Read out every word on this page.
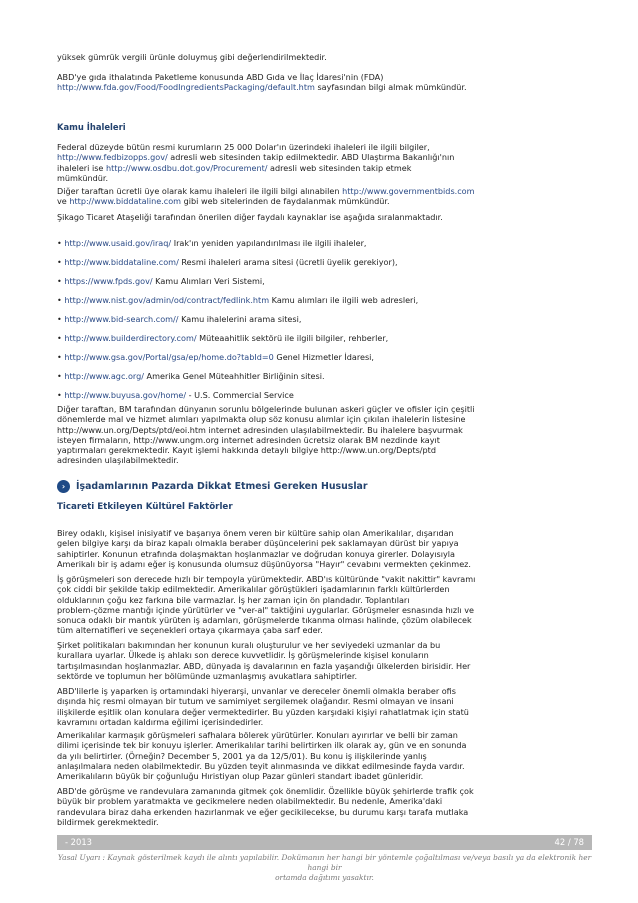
yüksek gümrük vergili ürünle doluymuş gibi değerlendirilmektedir.

ABD'ye gıda ithalatında Paketleme konusunda ABD Gıda ve İlaç İdaresi'nin (FDA)
http://www.fda.gov/Food/FoodIngredientsPackaging/default.htm sayfasından bilgi almak mümkündür.

Kamu İhaleleri

Federal düzeyde bütün resmi kurumların 25 000 Dolar'ın üzerindeki ihaleleri ile ilgili bilgiler,
http://www.fedbizopps.gov/ adresli web sitesinden takip edilmektedir. ABD Ulaştırma Bakanlığı'nın
ihaleleri ise http://www.osdbu.dot.gov/Procurement/ adresli web sitesinden takip etmek
mümkündür.

Diğer taraftan ücretli üye olarak kamu ihaleleri ile ilgili bilgi alınabilen http://www.governmentbids.com
ve http://www.biddataline.com gibi web sitelerinden de faydalanmak mümkündür.

Şikago Ticaret Ataşeliği tarafından önerilen diğer faydalı kaynaklar ise aşağıda sıralanmaktadır.

• http://www.usaid.gov/iraq/ Irak'ın yeniden yapılandırılması ile ilgili ihaleler,

• http://www.biddataline.com/ Resmi ihaleleri arama sitesi (ücretli üyelik gerekiyor),

• https://www.fpds.gov/ Kamu Alımları Veri Sistemi,

• http://www.nist.gov/admin/od/contract/fedlink.htm Kamu alımları ile ilgili web adresleri,

• http://www.bid-search.com// Kamu ihalelerini arama sitesi,

• http://www.builderdirectory.com/ Müteaahitlik sektörü ile ilgili bilgiler, rehberler,

• http://www.gsa.gov/Portal/gsa/ep/home.do?tabId=0 Genel Hizmetler İdaresi,

• http://www.agc.org/ Amerika Genel Müteahhitler Birliğinin sitesi.

• http://www.buyusa.gov/home/ - U.S. Commercial Service

Diğer taraftan, BM tarafından dünyanın sorunlu bölgelerinde bulunan askeri güçler ve ofisler için çeşitli
dönemlerde mal ve hizmet alımları yapılmakta olup söz konusu alımlar için çıkılan ihalelerin listesine
http://www.un.org/Depts/ptd/eoi.htm internet adresinden ulaşılabilmektedir. Bu ihalelere başvurmak
isteyen firmaların, http://www.ungm.org internet adresinden ücretsiz olarak BM nezdinde kayıt
yaptırmaları gerekmektedir. Kayıt işlemi hakkında detaylı bilgiye http://www.un.org/Depts/ptd
adresinden ulaşılabilmektedir.

›	İşadamlarının Pazarda Dikkat Etmesi Gereken Hususlar

Ticareti Etkileyen Kültürel Faktörler

Birey odaklı, kişisel inisiyatif ve başarıya önem veren bir kültüre sahip olan Amerikalılar, dışarıdan
gelen bilgiye karşı da biraz kapalı olmakla beraber düşüncelerini pek saklamayan dürüst bir yapıya
sahiptirler. Konunun etrafında dolaşmaktan hoşlanmazlar ve doğrudan konuya girerler. Dolayısıyla
Amerikalı bir iş adamı eğer iş konusunda olumsuz düşünüyorsa "Hayır" cevabını vermekten çekinmez.

İş görüşmeleri son derecede hızlı bir tempoyla yürümektedir. ABD'ıs kültüründe "vakit nakittir" kavramı
çok ciddi bir şekilde takip edilmektedir. Amerikalılar görüştükleri işadamlarının farklı kültürlerden
olduklarının çoğu kez farkına bile varmazlar. İş her zaman için ön plandadır. Toplantıları
problem-çözme mantığı içinde yürütürler ve "ver-al" taktiğini uygularlar. Görüşmeler esnasında hızlı ve
sonuca odaklı bir mantık yürüten iş adamları, görüşmelerde tıkanma olması halinde, çözüm olabilecek
tüm alternatifleri ve seçenekleri ortaya çıkarmaya çaba sarf eder.

Şirket politikaları bakımından her konunun kuralı oluşturulur ve her seviyedeki uzmanlar da bu
kurallara uyarlar. Ülkede iş ahlakı son derece kuvvetlidir. İş görüşmelerinde kişisel konuların
tartışılmasından hoşlanmazlar. ABD, dünyada iş davalarının en fazla yaşandığı ülkelerden birisidir. Her
sektörde ve toplumun her bölümünde uzmanlaşmış avukatlara sahiptirler.

ABD'lilerle iş yaparken iş ortamındaki hiyerarşi, unvanlar ve dereceler önemli olmakla beraber ofis
dışında hiç resmi olmayan bir tutum ve samimiyet sergilemek olağandır. Resmi olmayan ve insani
ilişkilerde eşitlik olan konulara değer vermektedirler. Bu yüzden karşıdaki kişiyi rahatlatmak için statü
kavramını ortadan kaldırma eğilimi içerisindedirler.

Amerikalılar karmaşık görüşmeleri safhalara bölerek yürütürler. Konuları ayırırlar ve belli bir zaman
dilimi içerisinde tek bir konuyu işlerler. Amerikalılar tarihi belirtirken ilk olarak ay, gün ve en sonunda
da yılı belirtirler. (Örneğin? December 5, 2001 ya da 12/5/01). Bu konu iş ilişkilerinde yanlış
anlaşılmalara neden olabilmektedir. Bu yüzden teyit alınmasında ve dikkat edilmesinde fayda vardır.
Amerikalıların büyük bir çoğunluğu Hıristiyan olup Pazar günleri standart ibadet günleridir.

ABD'de görüşme ve randevulara zamanında gitmek çok önemlidir. Özellikle büyük şehirlerde trafik çok
büyük bir problem yaratmakta ve gecikmelere neden olabilmektedir. Bu nedenle, Amerika'daki
randevulara biraz daha erkenden hazırlanmak ve eğer gecikilecekse, bu durumu karşı tarafa mutlaka
bildirmek gerekmektedir.

- 2013	42 / 78
Yasal Uyarı : Kaynak gösterilmek kaydı ile alıntı yapılabilir. Dokümanın her hangi bir yöntemle çoğaltılması ve/veya basılı ya da elektronik her hangi bir
ortamda dağıtımı yasaktır.
